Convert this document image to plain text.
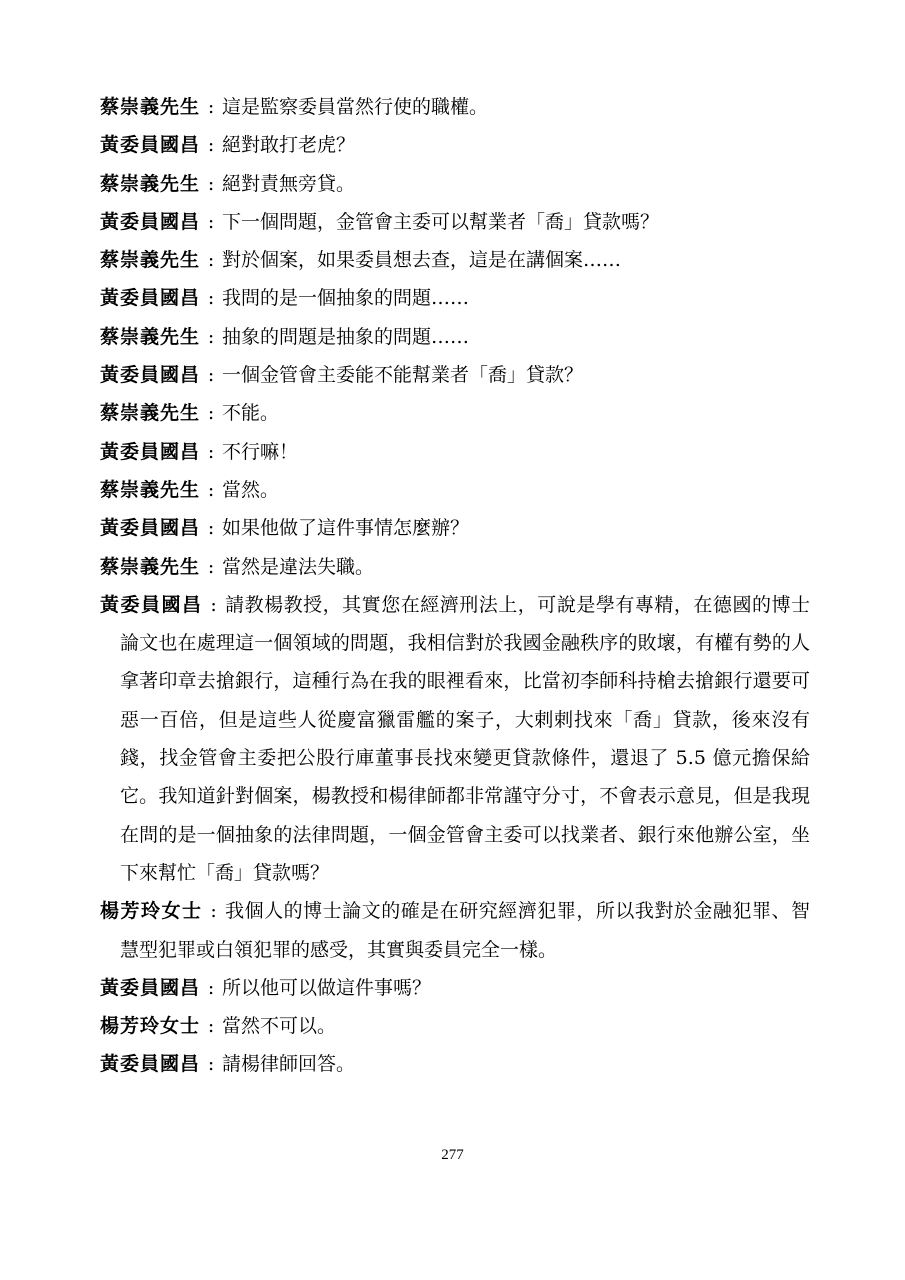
蔡崇義先生 : 這是監察委員當然行使的職權。

黃委員國昌 : 絕對敢打老虎？

蔡崇義先生 : 絕對責無旁貸。

黃委員國昌 : 下一個問題，金管會主委可以幫業者「喬」貸款嗎？

蔡崇義先生 : 對於個案，如果委員想去查，這是在講個案……

黃委員國昌 : 我問的是一個抽象的問題……

蔡崇義先生 : 抽象的問題是抽象的問題……

黃委員國昌 : 一個金管會主委能不能幫業者「喬」貸款？

蔡崇義先生 : 不能。

黃委員國昌 : 不行嘛！

蔡崇義先生 : 當然。

黃委員國昌 : 如果他做了這件事情怎麼辦？

蔡崇義先生 : 當然是違法失職。

黃委員國昌 : 請教楊教授，其實您在經濟刑法上，可說是學有專精，在德國的博士論文也在處理這一個領域的問題，我相信對於我國金融秩序的敗壞，有權有勢的人拿著印章去搶銀行，這種行為在我的眼裡看來，比當初李師科持槍去搶銀行還要可惡一百倍，但是這些人從慶富獵雷艦的案子，大剌剌找來「喬」貸款，後來沒有錢，找金管會主委把公股行庫董事長找來變更貸款條件，還退了 5.5 億元擔保給它。我知道針對個案，楊教授和楊律師都非常謹守分寸，不會表示意見，但是我現在問的是一個抽象的法律問題，一個金管會主委可以找業者、銀行來他辦公室，坐下來幫忙「喬」貸款嗎？

楊芳玲女士 : 我個人的博士論文的確是在研究經濟犯罪，所以我對於金融犯罪、智慧型犯罪或白領犯罪的感受，其實與委員完全一樣。

黃委員國昌 : 所以他可以做這件事嗎？

楊芳玲女士 : 當然不可以。

黃委員國昌 : 請楊律師回答。

277
